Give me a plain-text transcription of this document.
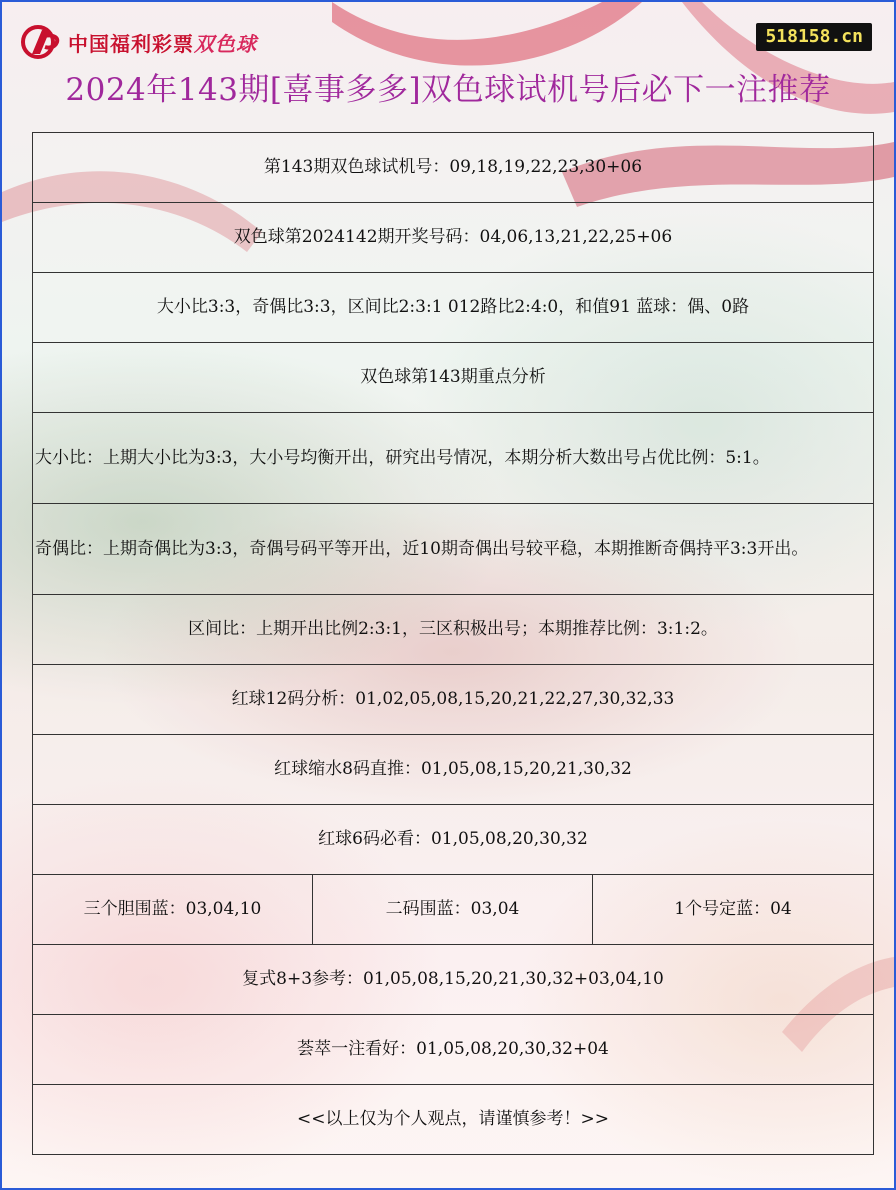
中国福利彩票双色球	518158.cn
2024年143期[喜事多多]双色球试机号后必下一注推荐
第143期双色球试机号：09,18,19,22,23,30+06
双色球第2024142期开奖号码：04,06,13,21,22,25+06
大小比3:3，奇偶比3:3，区间比2:3:1 012路比2:4:0，和值91 蓝球：偶、0路
双色球第143期重点分析
大小比：上期大小比为3:3，大小号均衡开出，研究出号情况，本期分析大数出号占优比例：5:1。
奇偶比：上期奇偶比为3:3，奇偶号码平等开出，近10期奇偶出号较平稳，本期推断奇偶持平3:3开出。
区间比：上期开出比例2:3:1，三区积极出号；本期推荐比例：3:1:2。
红球12码分析：01,02,05,08,15,20,21,22,27,30,32,33
红球缩水8码直推：01,05,08,15,20,21,30,32
红球6码必看：01,05,08,20,30,32
三个胆围蓝：03,04,10	二码围蓝：03,04	1个号定蓝：04
复式8+3参考：01,05,08,15,20,21,30,32+03,04,10
荟萃一注看好：01,05,08,20,30,32+04
<<以上仅为个人观点，请谨慎参考！>>
